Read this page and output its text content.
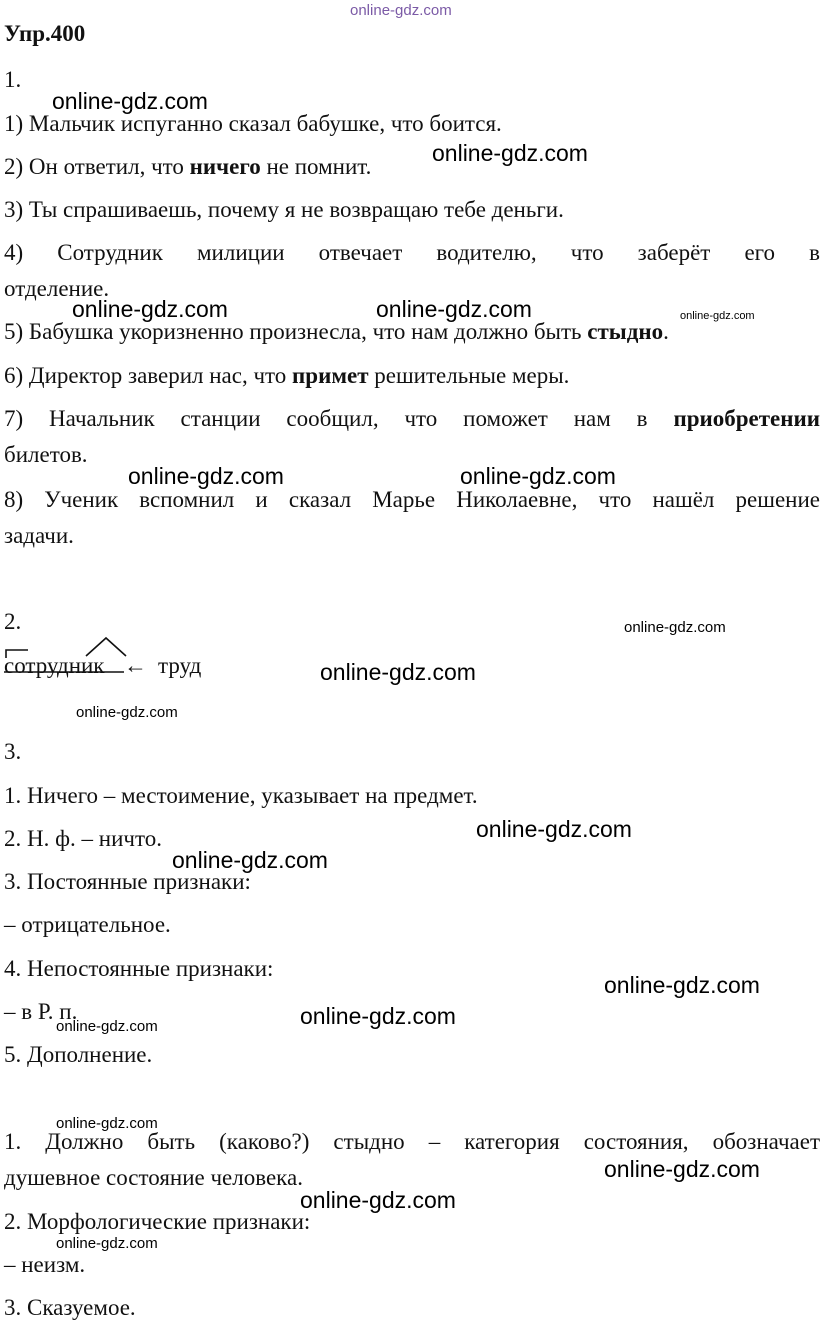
online-gdz.com
Упр.400
1.
1) Мальчик испуганно сказал бабушке, что боится.
2) Он ответил, что ничего не помнит.
3) Ты спрашиваешь, почему я не возвращаю тебе деньги.
4) Сотрудник милиции отвечает водителю, что заберёт его в
отделение.
5) Бабушка укоризненно произнесла, что нам должно быть стыдно.
6) Директор заверил нас, что примет решительные меры.
7) Начальник станции сообщил, что поможет нам в приобретении
билетов.
8) Ученик вспомнил и сказал Марье Николаевне, что нашёл решение
задачи.
2.
сотрудник ← труд
3.
1. Ничего – местоимение, указывает на предмет.
2. Н. ф. – ничто.
3. Постоянные признаки:
– отрицательное.
4. Непостоянные признаки:
– в Р. п.
5. Дополнение.
1. Должно быть (каково?) стыдно – категория состояния, обозначает
душевное состояние человека.
2. Морфологические признаки:
– неизм.
3. Сказуемое.
online-gdz.com
online-gdz.com
online-gdz.com	online-gdz.com	online-gdz.com
online-gdz.com	online-gdz.com
online-gdz.com
online-gdz.com
online-gdz.com
online-gdz.com
online-gdz.com
online-gdz.com
online-gdz.com
online-gdz.com
online-gdz.com
online-gdz.com
online-gdz.com
online-gdz.com
